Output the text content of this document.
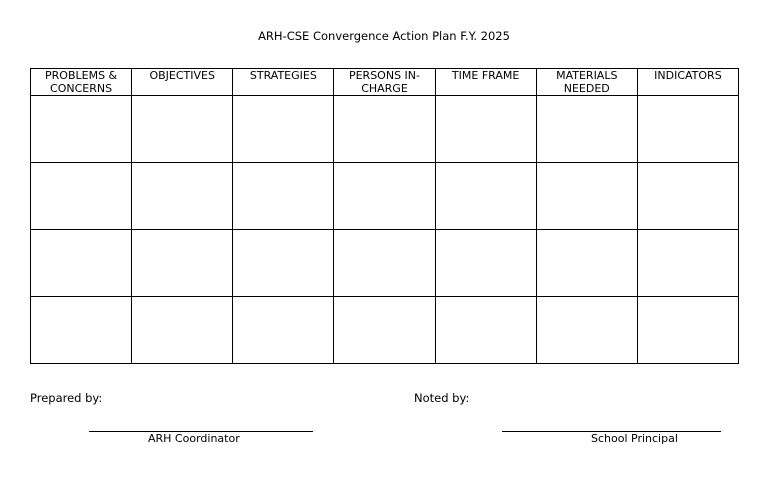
ARH-CSE Convergence Action Plan F.Y. 2025
PROBLEMS & CONCERNS	OBJECTIVES	STRATEGIES	PERSONS IN-CHARGE	TIME FRAME	MATERIALS NEEDED	INDICATORS

Prepared by:	Noted by:
ARH Coordinator	School Principal
